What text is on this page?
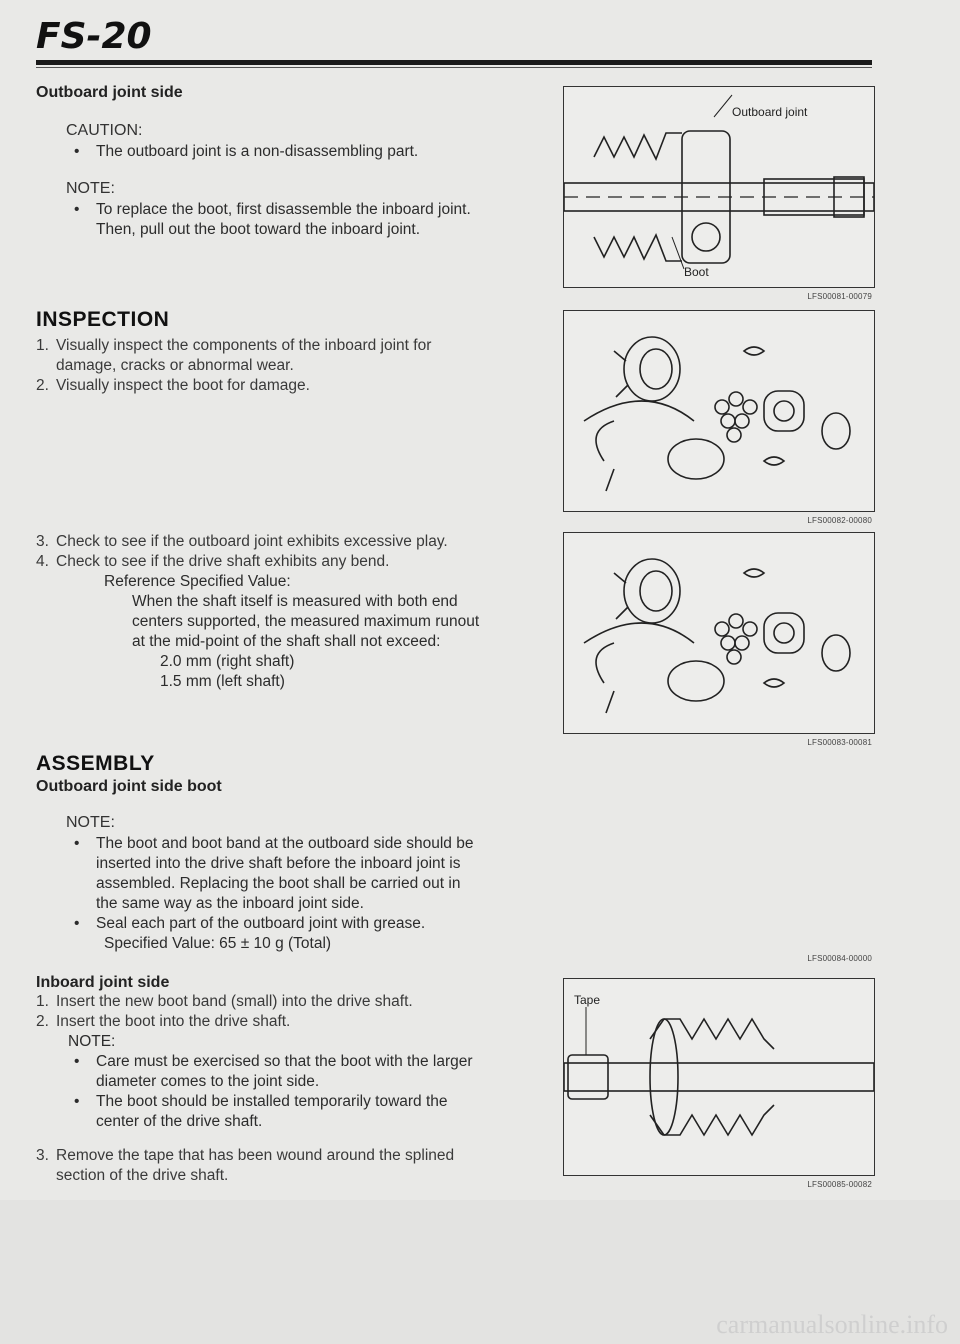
FS-20

Outboard joint side

CAUTION:

• The outboard joint is a non-disassembling part.

NOTE:

• To replace the boot, first disassemble the inboard joint.
Then, pull out the boot toward the inboard joint.

INSPECTION

1. Visually inspect the components of the inboard joint for
damage, cracks or abnormal wear.
2. Visually inspect the boot for damage.
3. Check to see if the outboard joint exhibits excessive play.
4. Check to see if the drive shaft exhibits any bend.
Reference Specified Value:
When the shaft itself is measured with both end
centers supported, the measured maximum runout
at the mid-point of the shaft shall not exceed:
2.0 mm (right shaft)
1.5 mm (left shaft)

ASSEMBLY

Outboard joint side boot

NOTE:

• The boot and boot band at the outboard side should be
inserted into the drive shaft before the inboard joint is
assembled. Replacing the boot shall be carried out in
the same way as the inboard joint side.
• Seal each part of the outboard joint with grease.
Specified Value: 65 ± 10 g (Total)

Inboard joint side

1. Insert the new boot band (small) into the drive shaft.
2. Insert the boot into the drive shaft.
NOTE:
• Care must be exercised so that the boot with the larger
diameter comes to the joint side.
• The boot should be installed temporarily toward the
center of the drive shaft.
3. Remove the tape that has been wound around the splined
section of the drive shaft.
Outboard joint
Boot
LFS00081-00079
LFS00082-00080
LFS00083-00081
LFS00084-00000
Tape
LFS00085-00082
carmanualsonline.info
